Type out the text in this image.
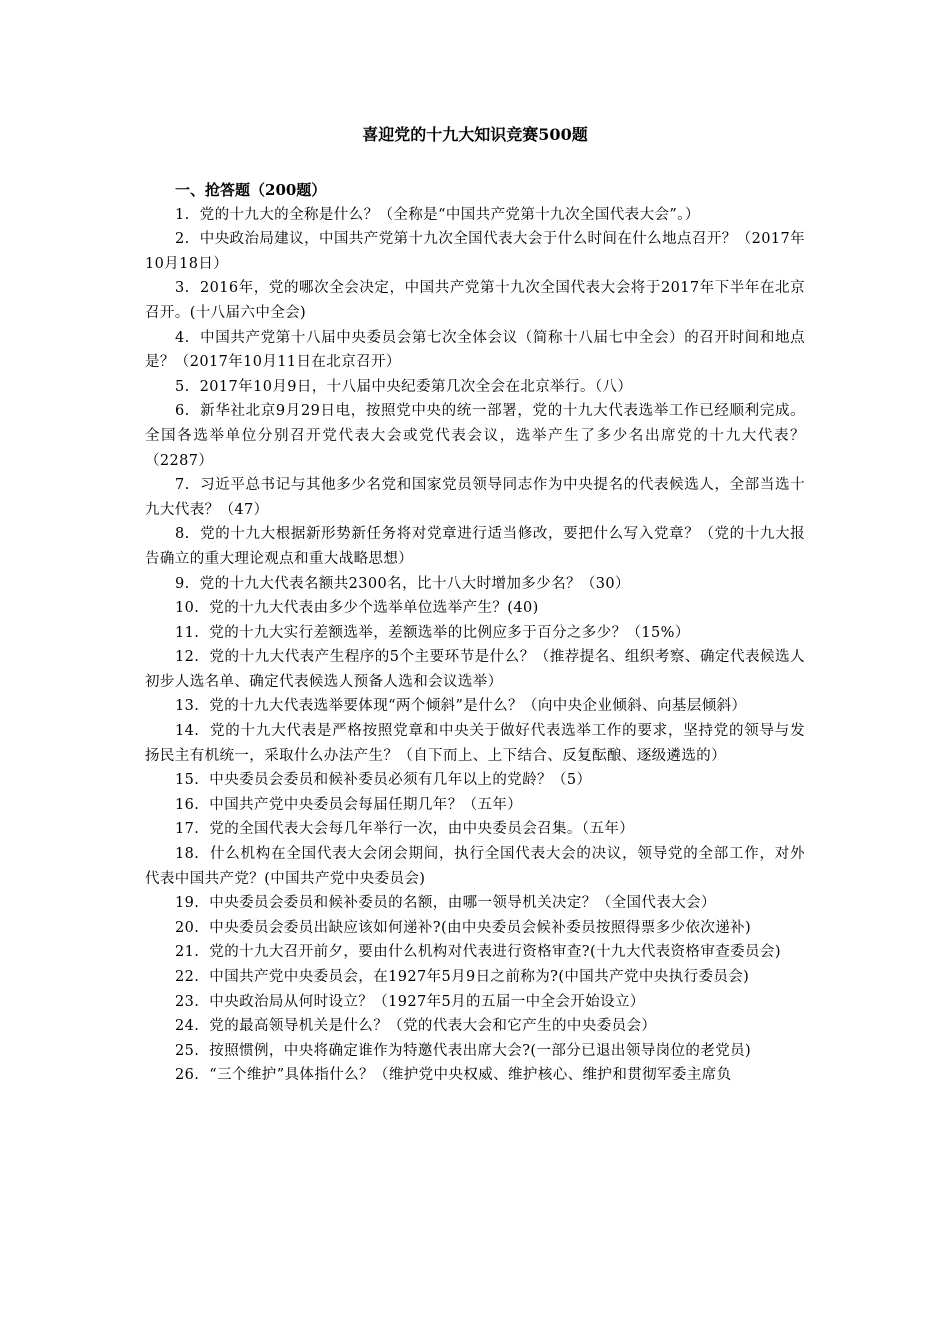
喜迎党的十九大知识竞赛500题

一、抢答题（200题）

1. 党的十九大的全称是什么？（全称是“中国共产党第十九次全国代表大会”。）

2. 中央政治局建议，中国共产党第十九次全国代表大会于什么时间在什么地点召开？（2017年10月18日）

3. 2016年，党的哪次全会决定，中国共产党第十九次全国代表大会将于2017年下半年在北京召开。(十八届六中全会)

4. 中国共产党第十八届中央委员会第七次全体会议（简称十八届七中全会）的召开时间和地点是？（2017年10月11日在北京召开）

5. 2017年10月9日，十八届中央纪委第几次全会在北京举行。（八）

6. 新华社北京9月29日电，按照党中央的统一部署，党的十九大代表选举工作已经顺利完成。全国各选举单位分别召开党代表大会或党代表会议，选举产生了多少名出席党的十九大代表？（2287）

7. 习近平总书记与其他多少名党和国家党员领导同志作为中央提名的代表候选人，全部当选十九大代表？（47）

8. 党的十九大根据新形势新任务将对党章进行适当修改，要把什么写入党章？（党的十九大报告确立的重大理论观点和重大战略思想）

9. 党的十九大代表名额共2300名，比十八大时增加多少名？（30）

10. 党的十九大代表由多少个选举单位选举产生？(40)

11. 党的十九大实行差额选举，差额选举的比例应多于百分之多少？（15%）

12. 党的十九大代表产生程序的5个主要环节是什么？（推荐提名、组织考察、确定代表候选人初步人选名单、确定代表候选人预备人选和会议选举）

13. 党的十九大代表选举要体现“两个倾斜”是什么？（向中央企业倾斜、向基层倾斜）

14. 党的十九大代表是严格按照党章和中央关于做好代表选举工作的要求，坚持党的领导与发扬民主有机统一，采取什么办法产生？（自下而上、上下结合、反复酝酿、逐级遴选的）

15. 中央委员会委员和候补委员必须有几年以上的党龄？（5）

16. 中国共产党中央委员会每届任期几年？（五年）

17. 党的全国代表大会每几年举行一次，由中央委员会召集。（五年）

18. 什么机构在全国代表大会闭会期间，执行全国代表大会的决议，领导党的全部工作，对外代表中国共产党？(中国共产党中央委员会)

19. 中央委员会委员和候补委员的名额，由哪一领导机关决定？（全国代表大会）

20. 中央委员会委员出缺应该如何递补?(由中央委员会候补委员按照得票多少依次递补)

21. 党的十九大召开前夕，要由什么机构对代表进行资格审查?(十九大代表资格审查委员会)

22. 中国共产党中央委员会，在1927年5月9日之前称为?(中国共产党中央执行委员会)

23. 中央政治局从何时设立？（1927年5月的五届一中全会开始设立）

24. 党的最高领导机关是什么？（党的代表大会和它产生的中央委员会）

25. 按照惯例，中央将确定谁作为特邀代表出席大会?(一部分已退出领导岗位的老党员)

26. “三个维护”具体指什么？（维护党中央权威、维护核心、维护和贯彻军委主席负
